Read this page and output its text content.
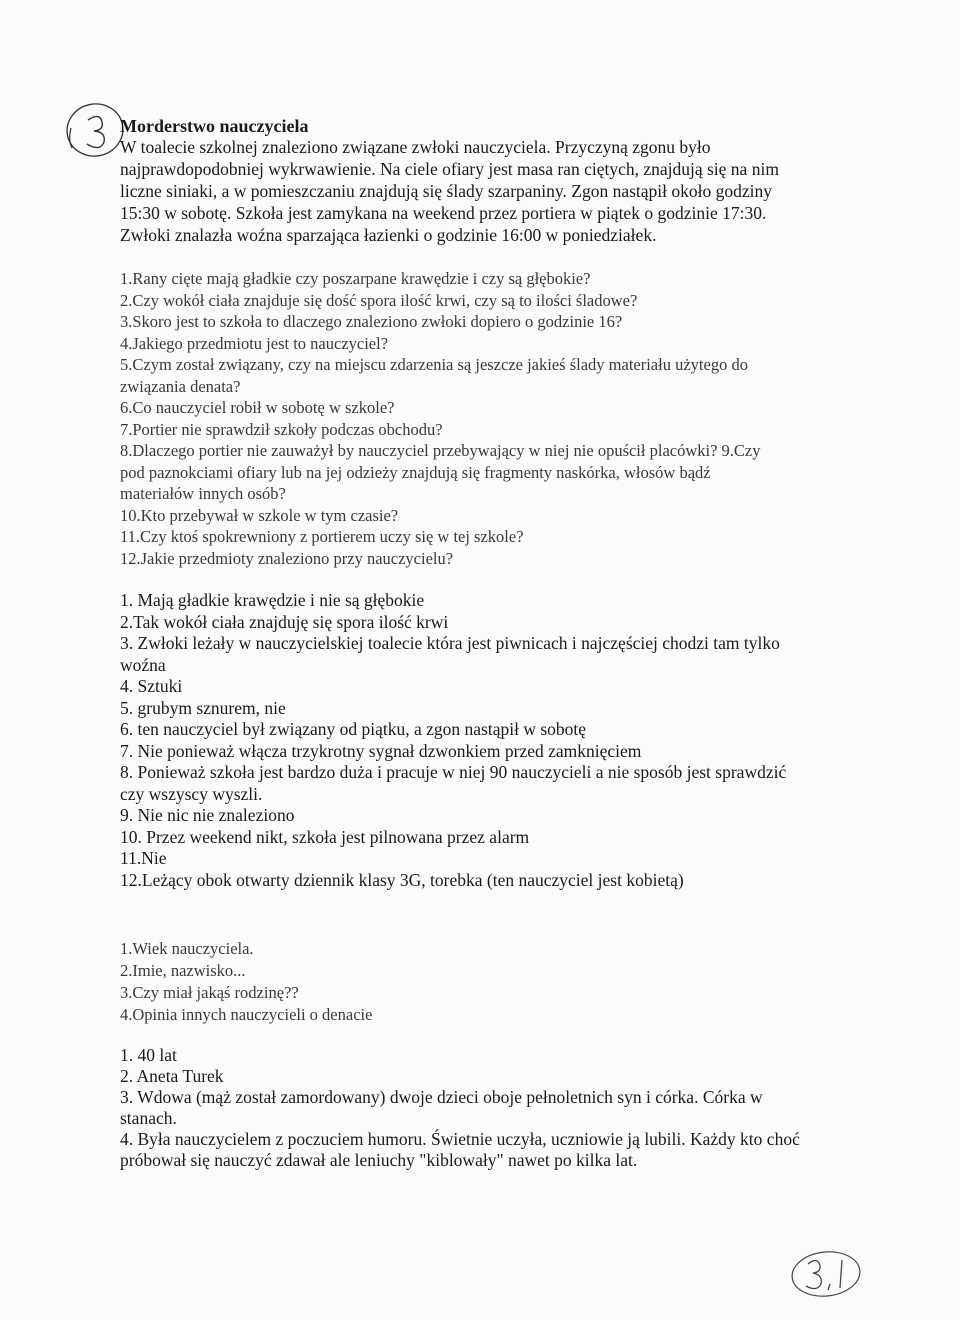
3
Morderstwo nauczyciela

W toalecie szkolnej znaleziono związane zwłoki nauczyciela. Przyczyną zgonu było

najprawdopodobniej wykrwawienie. Na ciele ofiary jest masa ran ciętych, znajdują się na nim

liczne siniaki, a w pomieszczaniu znajdują się ślady szarpaniny. Zgon nastąpił około godziny

15:30 w sobotę. Szkoła jest zamykana na weekend przez portiera w piątek o godzinie 17:30.

Zwłoki znalazła woźna sparzająca łazienki o godzinie 16:00 w poniedziałek.

1.Rany cięte mają gładkie czy poszarpane krawędzie i czy są głębokie?

2.Czy wokół ciała znajduje się dość spora ilość krwi, czy są to ilości śladowe?

3.Skoro jest to szkoła to dlaczego znaleziono zwłoki dopiero o godzinie 16?

4.Jakiego przedmiotu jest to nauczyciel?

5.Czym został związany, czy na miejscu zdarzenia są jeszcze jakieś ślady materiału użytego do

związania denata?

6.Co nauczyciel robił w sobotę w szkole?

7.Portier nie sprawdził szkoły podczas obchodu?

8.Dlaczego portier nie zauważył by nauczyciel przebywający w niej nie opuścił placówki? 9.Czy

pod paznokciami ofiary lub na jej odzieży znajdują się fragmenty naskórka, włosów bądź

materiałów innych osób?

10.Kto przebywał w szkole w tym czasie?

11.Czy ktoś spokrewniony z portierem uczy się w tej szkole?

12.Jakie przedmioty znaleziono przy nauczycielu?

1. Mają gładkie krawędzie i nie są głębokie

2.Tak wokół ciała znajduję się spora ilość krwi

3. Zwłoki leżały w nauczycielskiej toalecie która jest piwnicach i najczęściej chodzi tam tylko

woźna

4. Sztuki

5. grubym sznurem, nie

6. ten nauczyciel był związany od piątku, a zgon nastąpił w sobotę

7. Nie ponieważ włącza trzykrotny sygnał dzwonkiem przed zamknięciem

8. Ponieważ szkoła jest bardzo duża i pracuje w niej 90 nauczycieli a nie sposób jest sprawdzić

czy wszyscy wyszli.

9. Nie nic nie znaleziono

10. Przez weekend nikt, szkoła jest pilnowana przez alarm

11.Nie

12.Leżący obok otwarty dziennik klasy 3G, torebka (ten nauczyciel jest kobietą)

1.Wiek nauczyciela.

2.Imie, nazwisko...

3.Czy miał jakąś rodzinę??

4.Opinia innych nauczycieli o denacie

1. 40 lat

2. Aneta Turek

3. Wdowa (mąż został zamordowany) dwoje dzieci oboje pełnoletnich syn i córka. Córka w

stanach.

4. Była nauczycielem z poczuciem humoru. Świetnie uczyła, uczniowie ją lubili. Każdy kto choć

próbował się nauczyć zdawał ale leniuchy "kiblowały" nawet po kilka lat.

3,1
